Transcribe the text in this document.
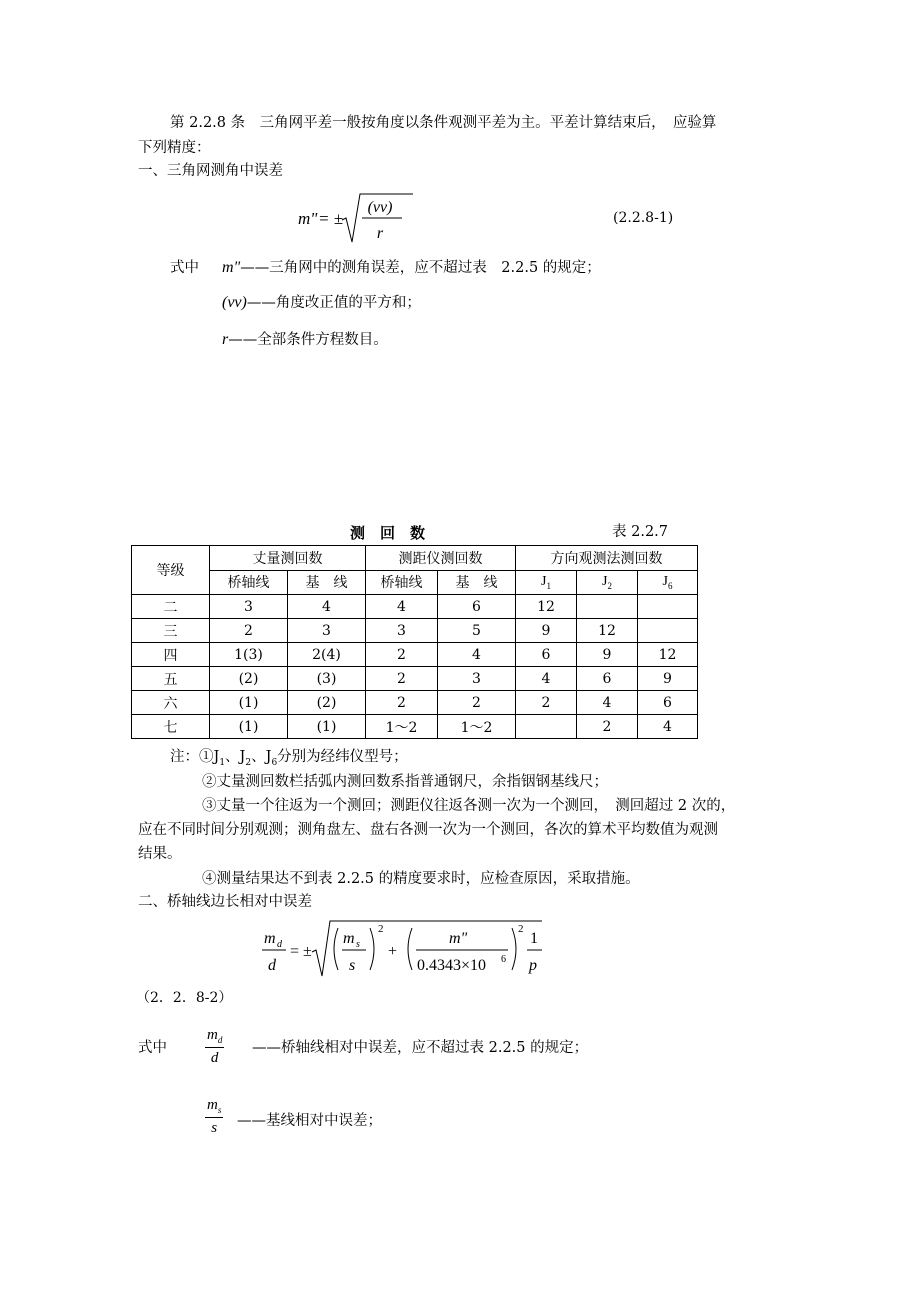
第 2.2.8 条　三角网平差一般按角度以条件观测平差为主。平差计算结束后，　应验算
下列精度：
一、三角网测角中误差
m" = ±
(vv)
r
(2.2.8-1)
式中 m"——三角网中的测角误差，应不超过表　2.2.5 的规定；
(vv)——角度改正值的平方和；
r——全部条件方程数目。
测　回　数	表 2.2.7
等级	丈量测回数		测距仪测回数		方向观测法测回数		
	桥轴线	基　线	桥轴线	基　线	$J_1$	$J_2$	$J_6$
二	3	4	4	6	12		
三	2	3	3	5	9	12	
四	1(3)	2(4)	2	4	6	9	12
五	(2)	(3)	2	3	4	6	9
六	(1)	(2)	2	2	2	4	6
七	(1)	(1)	1～2	1～2		2	4
注：$①J_1$、$J_2$、$J_6$分别为经纬仪型号；
②丈量测回数栏括弧内测回数系指普通钢尺，余指铟钢基线尺；
③丈量一个往返为一个测回；测距仪往返各测一次为一个测回，　测回超过 2 次的，
应在不同时间分别观测；测角盘左、盘右各测一次为一个测回，各次的算术平均数值为观测
结果。
④测量结果达不到表 2.2.5 的精度要求时，应检查原因，采取措施。
二、桥轴线边长相对中误差
m d
d
= ±
m s
s
2
+
m"
0.4343×10 6
2
1
p
（2．2．8-2）
式中	$\frac{m_d}{d}$ ——桥轴线相对中误差，应不超过表 2.2.5 的规定；
$\frac{m_s}{s}$ ——基线相对中误差；
